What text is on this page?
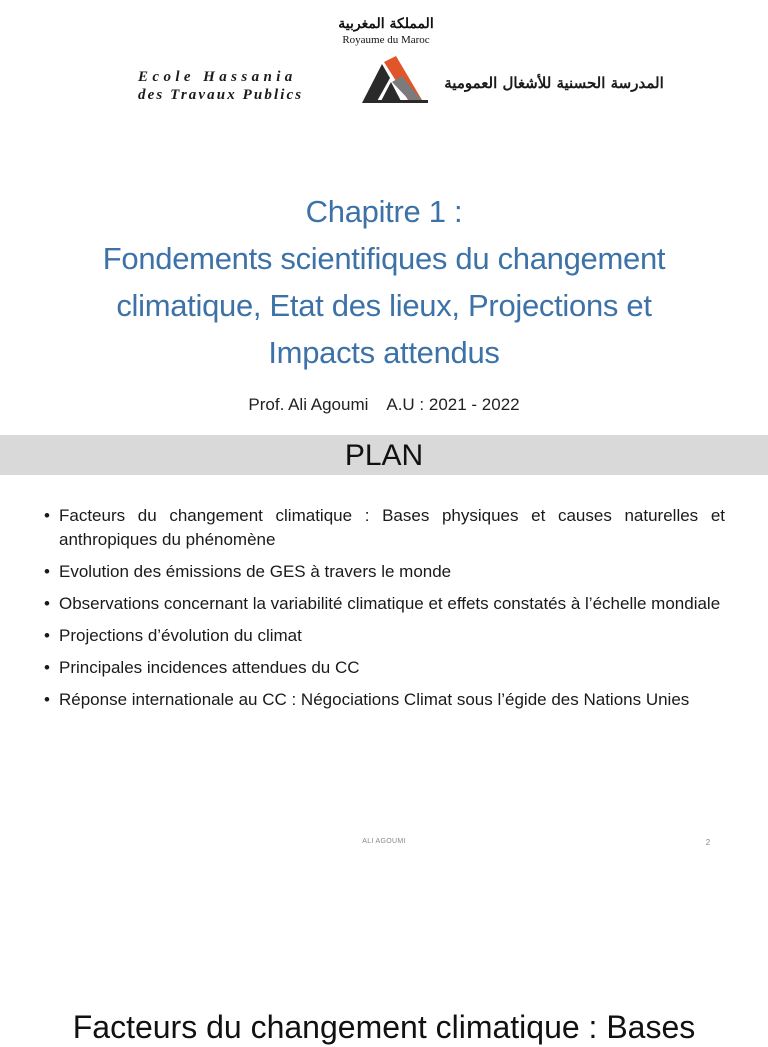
المملكة المغربية
Royaume du Maroc
Ecole Hassania
des Travaux Publics
المدرسة الحسنية للأشغال العمومية
Chapitre 1 :
Fondements scientifiques du changement
climatique, Etat des lieux, Projections et
Impacts attendus
Prof. Ali Agoumi    A.U : 2021 - 2022
PLAN
• Facteurs du changement climatique : Bases physiques et causes naturelles et anthropiques du phénomène
• Evolution des émissions de GES à travers le monde
• Observations concernant la variabilité climatique et effets constatés à l’échelle mondiale
• Projections d’évolution du climat
• Principales incidences attendues du CC
• Réponse internationale au CC : Négociations Climat sous l’égide des Nations Unies
ALI AGOUMI	2
Facteurs du changement climatique : Bases
